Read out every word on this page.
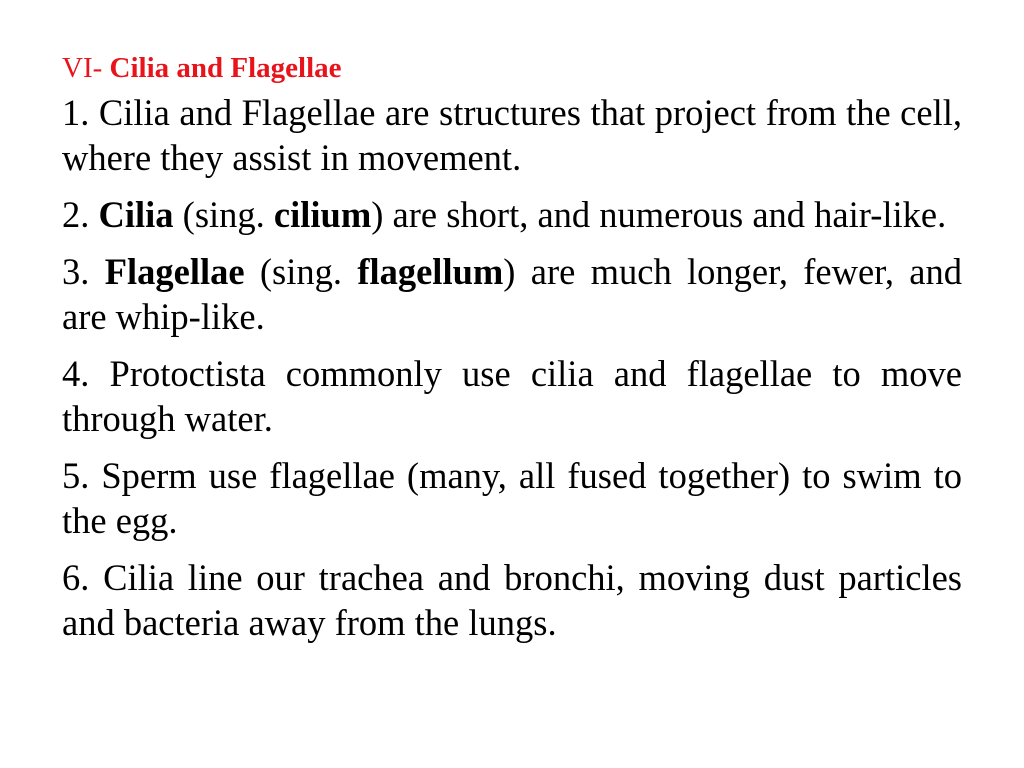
VI- Cilia and Flagellae

1. Cilia and Flagellae are structures that project from the cell, where they assist in movement.

2. Cilia (sing. cilium) are short, and numerous and hair-like.

3. Flagellae (sing. flagellum) are much longer, fewer, and are whip-like.

4. Protoctista commonly use cilia and flagellae to move through water.

5. Sperm use flagellae (many, all fused together) to swim to the egg.

6. Cilia line our trachea and bronchi, moving dust particles and bacteria away from the lungs.
